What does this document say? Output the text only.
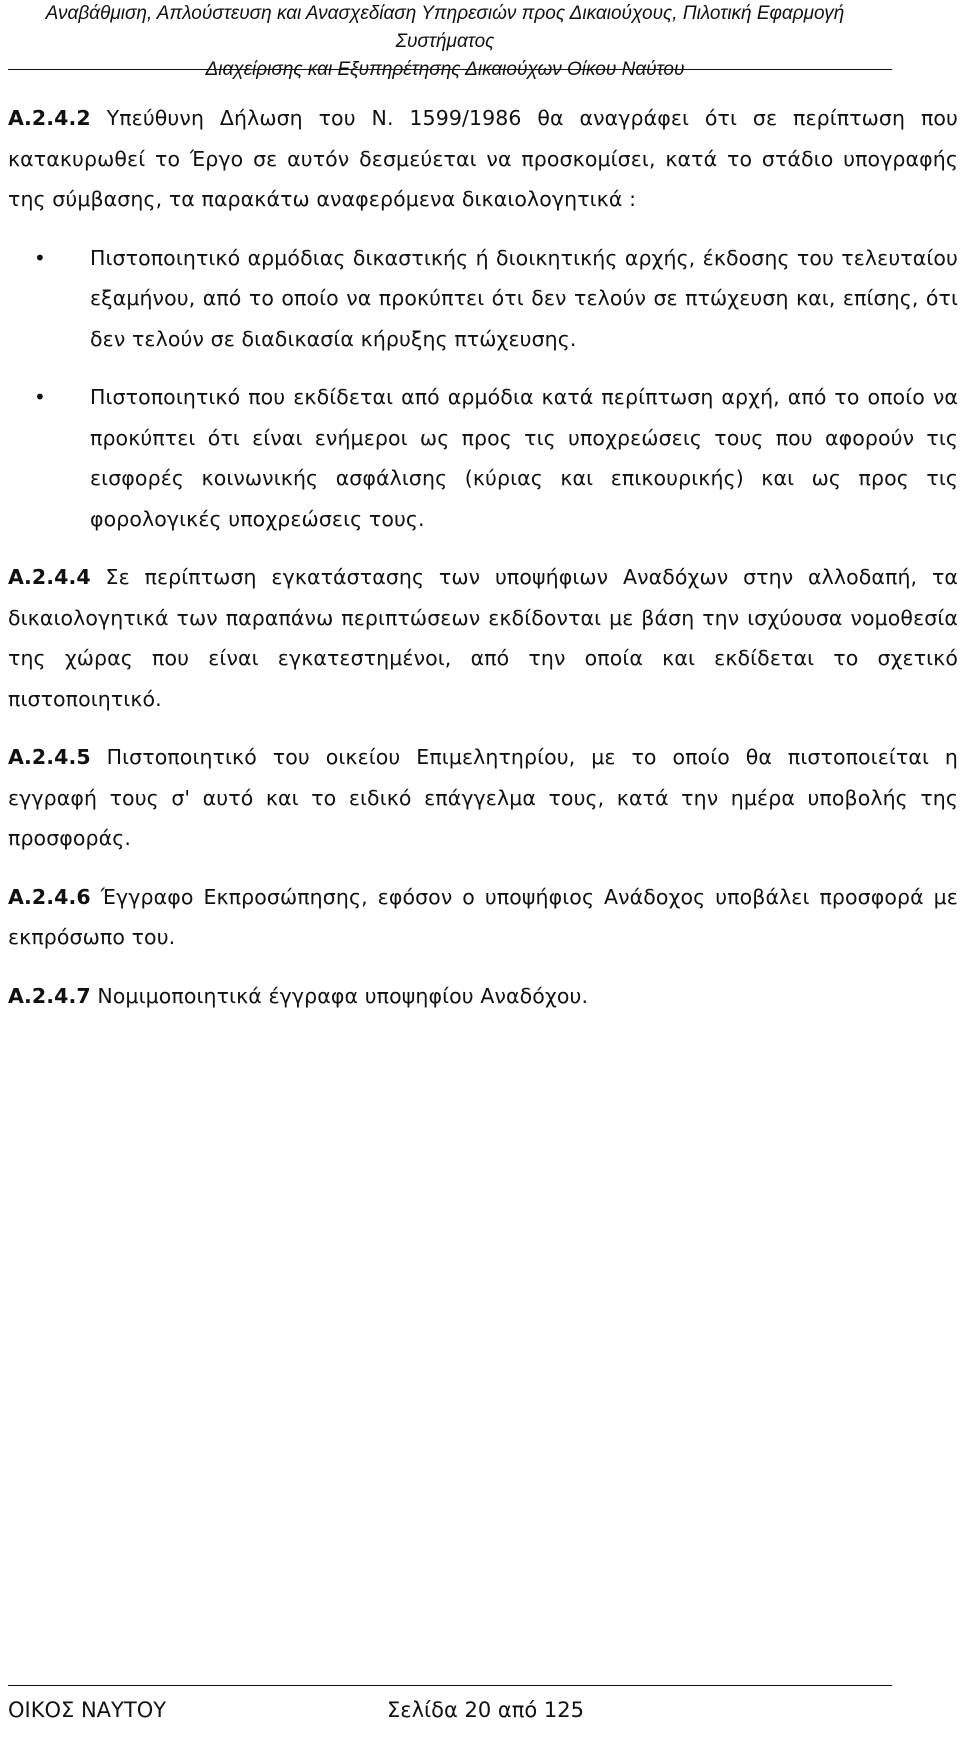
Αναβάθμιση, Απλούστευση και Ανασχεδίαση Υπηρεσιών προς Δικαιούχους, Πιλοτική Εφαρμογή Συστήματος
Διαχείρισης και Εξυπηρέτησης Δικαιούχων Οίκου Ναύτου

Α.2.4.2 Υπεύθυνη Δήλωση του Ν. 1599/1986 θα αναγράφει ότι σε περίπτωση που κατακυρωθεί το Έργο σε αυτόν δεσμεύεται να προσκομίσει, κατά το στάδιο υπογραφής της σύμβασης, τα παρακάτω αναφερόμενα δικαιολογητικά :

• Πιστοποιητικό αρμόδιας δικαστικής ή διοικητικής αρχής, έκδοσης του τελευταίου εξαμήνου, από το οποίο να προκύπτει ότι δεν τελούν σε πτώχευση και, επίσης, ότι δεν τελούν σε διαδικασία κήρυξης πτώχευσης.
• Πιστοποιητικό που εκδίδεται από αρμόδια κατά περίπτωση αρχή, από το οποίο να προκύπτει ότι είναι ενήμεροι ως προς τις υποχρεώσεις τους που αφορούν τις εισφορές κοινωνικής ασφάλισης (κύριας και επικουρικής) και ως προς τις φορολογικές υποχρεώσεις τους.

Α.2.4.4 Σε περίπτωση εγκατάστασης των υποψήφιων Αναδόχων στην αλλοδαπή, τα δικαιολογητικά των παραπάνω περιπτώσεων εκδίδονται με βάση την ισχύουσα νομοθεσία της χώρας που είναι εγκατεστημένοι, από την οποία και εκδίδεται το σχετικό πιστοποιητικό.

Α.2.4.5 Πιστοποιητικό του οικείου Επιμελητηρίου, με το οποίο θα πιστοποιείται η εγγραφή τους σ' αυτό και το ειδικό επάγγελμα τους, κατά την ημέρα υποβολής της προσφοράς.

Α.2.4.6 Έγγραφο Εκπροσώπησης, εφόσον ο υποψήφιος Ανάδοχος υποβάλει προσφορά με εκπρόσωπο του.

Α.2.4.7 Νομιμοποιητικά έγγραφα υποψηφίου Αναδόχου.

ΟΙΚΟΣ ΝΑΥΤΟΥ	Σελίδα 20 από 125
